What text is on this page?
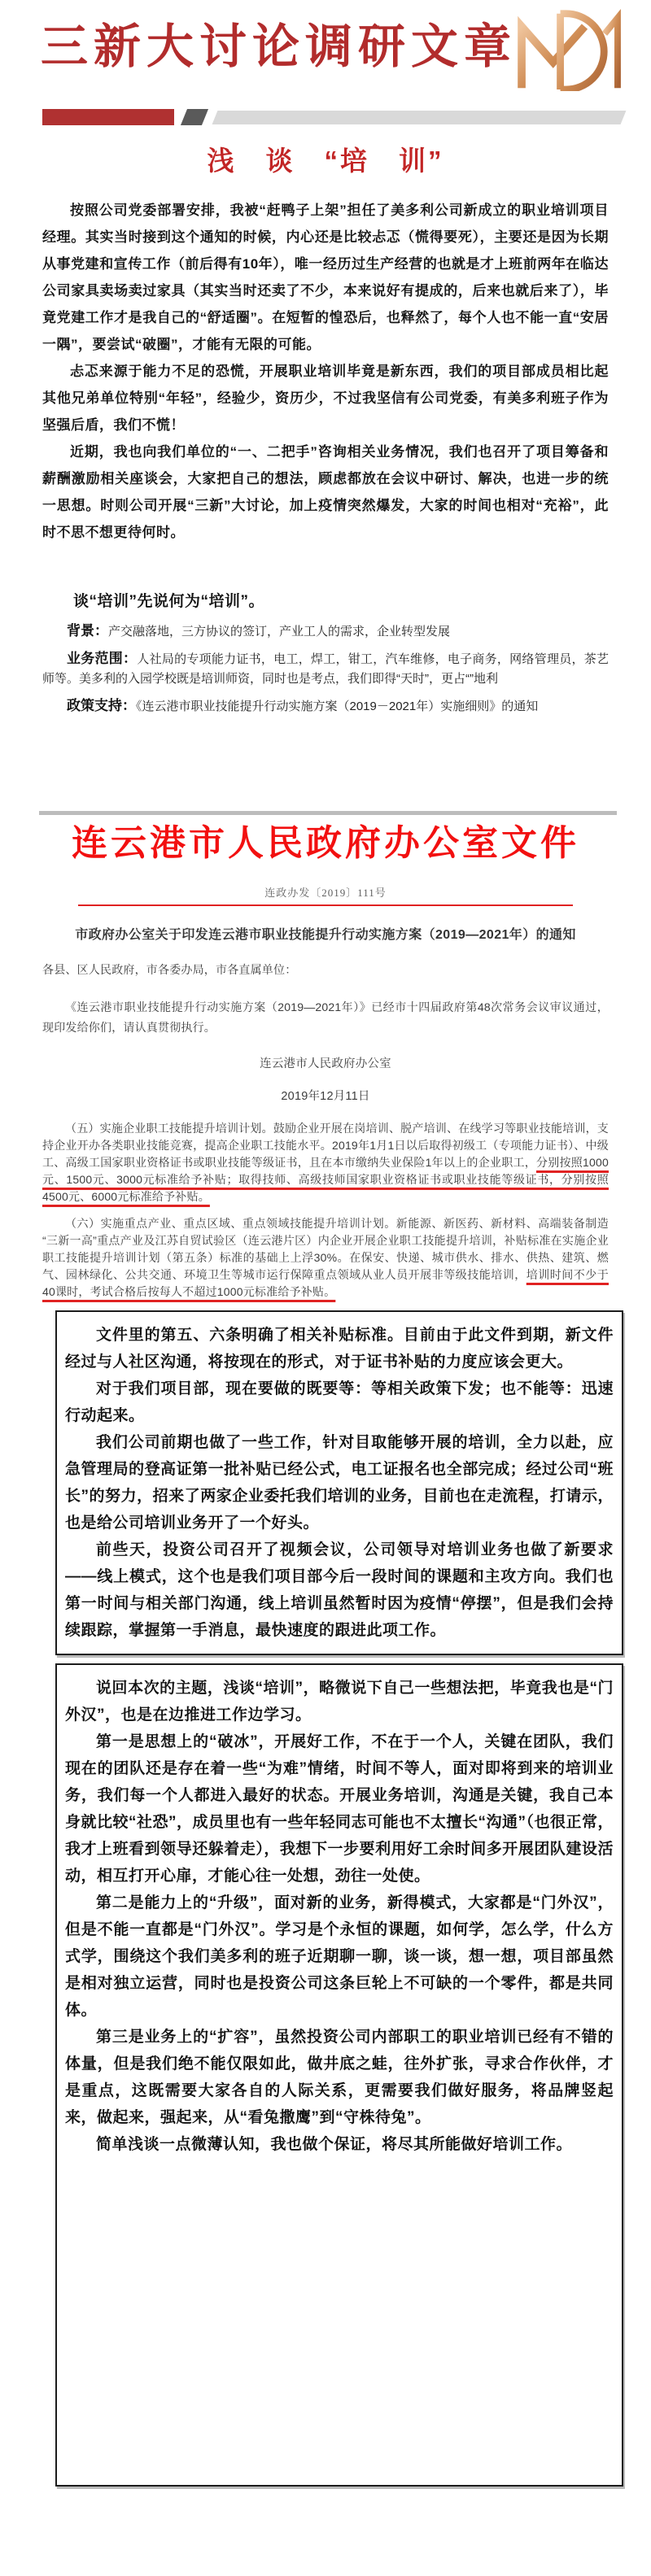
三新大讨论调研文章
浅　谈　“培　训”

按照公司党委部署安排，我被“赶鸭子上架”担任了美多利公司新成立的职业培训项目经理。其实当时接到这个通知的时候，内心还是比较忐忑（慌得要死），主要还是因为长期从事党建和宣传工作（前后得有10年），唯一经历过生产经营的也就是才上班前两年在临达公司家具卖场卖过家具（其实当时还卖了不少，本来说好有提成的，后来也就后来了），毕竟党建工作才是我自己的“舒适圈”。在短暂的惶恐后，也释然了，每个人也不能一直“安居一隅”，要尝试“破圈”，才能有无限的可能。

忐忑来源于能力不足的恐慌，开展职业培训毕竟是新东西，我们的项目部成员相比起其他兄弟单位特别“年轻”，经验少，资历少，不过我坚信有公司党委，有美多利班子作为坚强后盾，我们不慌！

近期，我也向我们单位的“一、二把手”咨询相关业务情况，我们也召开了项目筹备和薪酬激励相关座谈会，大家把自己的想法，顾虑都放在会议中研讨、解决，也进一步的统一思想。时则公司开展“三新”大讨论，加上疫情突然爆发，大家的时间也相对“充裕”，此时不思不想更待何时。

谈“培训”先说何为“培训”。

背景：产交融落地，三方协议的签订，产业工人的需求，企业转型发展

业务范围：人社局的专项能力证书，电工，焊工，钳工，汽车维修，电子商务，网络管理员，茶艺师等。美多利的入园学校既是培训师资，同时也是考点，我们即得“天时”，更占“”地利

政策支持：《连云港市职业技能提升行动实施方案（2019－2021年）实施细则》的通知

连云港市人民政府办公室文件
连政办发〔2019〕111号
市政府办公室关于印发连云港市职业技能提升行动实施方案（2019—2021年）的通知

各县、区人民政府，市各委办局，市各直属单位：

《连云港市职业技能提升行动实施方案（2019—2021年）》已经市十四届政府第48次常务会议审议通过，现印发给你们，请认真贯彻执行。

连云港市人民政府办公室

2019年12月11日

（五）实施企业职工技能提升培训计划。鼓励企业开展在岗培训、脱产培训、在线学习等职业技能培训，支持企业开办各类职业技能竞赛，提高企业职工技能水平。2019年1月1日以后取得初级工（专项能力证书）、中级工、高级工国家职业资格证书或职业技能等级证书，且在本市缴纳失业保险1年以上的企业职工，分别按照1000元、1500元、3000元标准给予补贴；取得技师、高级技师国家职业资格证书或职业技能等级证书，分别按照4500元、6000元标准给予补贴。

（六）实施重点产业、重点区域、重点领域技能提升培训计划。新能源、新医药、新材料、高端装备制造“三新一高”重点产业及江苏自贸试验区（连云港片区）内企业开展企业职工技能提升培训，补贴标准在实施企业职工技能提升培训计划（第五条）标准的基础上上浮30%。在保安、快递、城市供水、排水、供热、建筑、燃气、园林绿化、公共交通、环境卫生等城市运行保障重点领域从业人员开展非等级技能培训，培训时间不少于40课时，考试合格后按每人不超过1000元标准给予补贴。

文件里的第五、六条明确了相关补贴标准。目前由于此文件到期，新文件经过与人社区沟通，将按现在的形式，对于证书补贴的力度应该会更大。

对于我们项目部，现在要做的既要等：等相关政策下发；也不能等：迅速行动起来。

我们公司前期也做了一些工作，针对目取能够开展的培训，全力以赴，应急管理局的登高证第一批补贴已经公式，电工证报名也全部完成；经过公司“班长”的努力，招来了两家企业委托我们培训的业务，目前也在走流程，打请示，也是给公司培训业务开了一个好头。

前些天，投资公司召开了视频会议，公司领导对培训业务也做了新要求——线上模式，这个也是我们项目部今后一段时间的课题和主攻方向。我们也第一时间与相关部门沟通，线上培训虽然暂时因为疫情“停摆”，但是我们会持续跟踪，掌握第一手消息，最快速度的跟进此项工作。

说回本次的主题，浅谈“培训”，略微说下自己一些想法把，毕竟我也是“门外汉”，也是在边推进工作边学习。

第一是思想上的“破冰”，开展好工作，不在于一个人，关键在团队，我们现在的团队还是存在着一些“为难”情绪，时间不等人，面对即将到来的培训业务，我们每一个人都进入最好的状态。开展业务培训，沟通是关键，我自己本身就比较“社恐”，成员里也有一些年轻同志可能也不太擅长“沟通”（也很正常，我才上班看到领导还躲着走），我想下一步要利用好工余时间多开展团队建设活动，相互打开心扉，才能心往一处想，劲往一处使。

第二是能力上的“升级”，面对新的业务，新得模式，大家都是“门外汉”，但是不能一直都是“门外汉”。学习是个永恒的课题，如何学，怎么学，什么方式学，围绕这个我们美多利的班子近期聊一聊，谈一谈，想一想，项目部虽然是相对独立运营，同时也是投资公司这条巨轮上不可缺的一个零件，都是共同体。

第三是业务上的“扩容”，虽然投资公司内部职工的职业培训已经有不错的体量，但是我们绝不能仅限如此，做井底之蛙，往外扩张，寻求合作伙伴，才是重点，这既需要大家各自的人际关系，更需要我们做好服务，将品牌竖起来，做起来，强起来，从“看兔撒鹰”到“守株待兔”。

简单浅谈一点微薄认知，我也做个保证，将尽其所能做好培训工作。
